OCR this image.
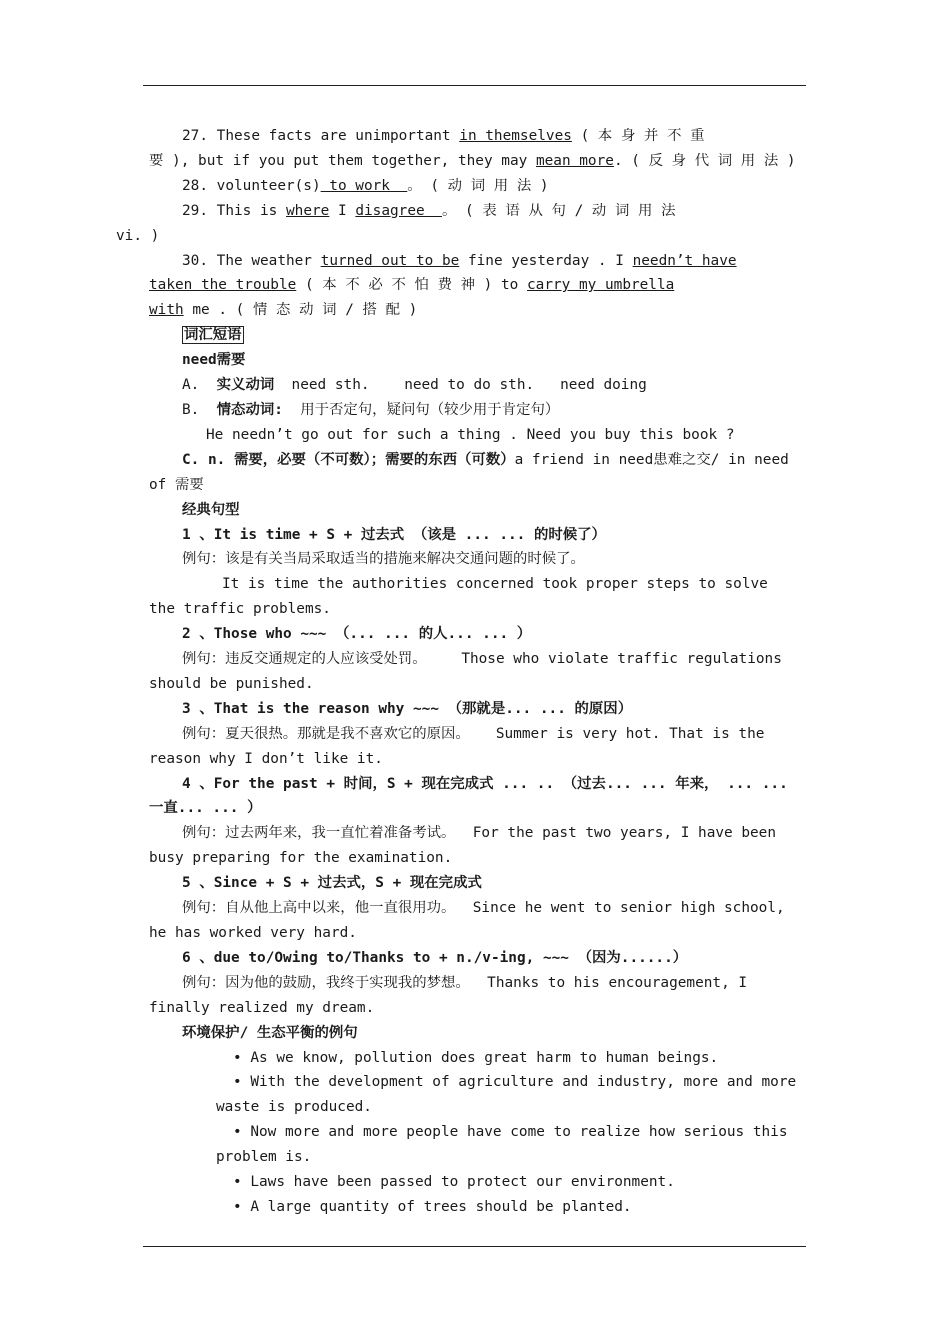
27. These facts are unimportant in themselves ( 本 身 并 不 重
要 ), but if you put them together, they may mean more. ( 反 身 代 词 用 法 )

28. volunteer(s) to work  。 ( 动 词 用 法 )

29. This is where I disagree  。 ( 表 语 从 句 / 动 词 用 法
vi. )

30. The weather turned out to be fine yesterday . I needn’t have
taken the trouble ( 本 不 必 不 怕 费 神 ) to carry my umbrella
with me . ( 情 态 动 词 / 搭 配 )

词汇短语

need需要

A. 实义动词  need sth.    need to do sth.   need doing

B. 情态动词:  用于否定句，疑问句（较少用于肯定句）

He needn’t go out for such a thing . Need you buy this book ?

C. n. 需要，必要（不可数）；需要的东西（可数）a friend in need患难之交/ in need of 需要

经典句型

1 、It is time + S + 过去式 （该是 ... ... 的时候了）

例句：该是有关当局采取适当的措施来解决交通问题的时候了。

It is time the authorities concerned took proper steps to solve the traffic problems.

2 、Those who ~~~ （... ... 的人... ... ）

例句：违反交通规定的人应该受处罚。 Those who violate traffic regulations should be punished.

3 、That is the reason why ~~~ （那就是... ... 的原因）

例句：夏天很热。那就是我不喜欢它的原因。 Summer is very hot. That is the reason why I don’t like it.

4 、For the past + 时间，S + 现在完成式 ... .. （过去... ... 年来， ... ...一直... ... ）

例句：过去两年来，我一直忙着准备考试。 For the past two years, I have been busy preparing for the examination.

5 、Since + S + 过去式，S + 现在完成式

例句：自从他上高中以来，他一直很用功。 Since he went to senior high school, he has worked very hard.

6 、due to/Owing to/Thanks to + n./v-ing, ~~~ （因为......）

例句：因为他的鼓励，我终于实现我的梦想。 Thanks to his encouragement, I finally realized my dream.

环境保护/ 生态平衡的例句

• As we know, pollution does great harm to human beings.

• With the development of agriculture and industry, more and more waste is produced.

• Now more and more people have come to realize how serious this problem is.

• Laws have been passed to protect our environment.

• A large quantity of trees should be planted.
